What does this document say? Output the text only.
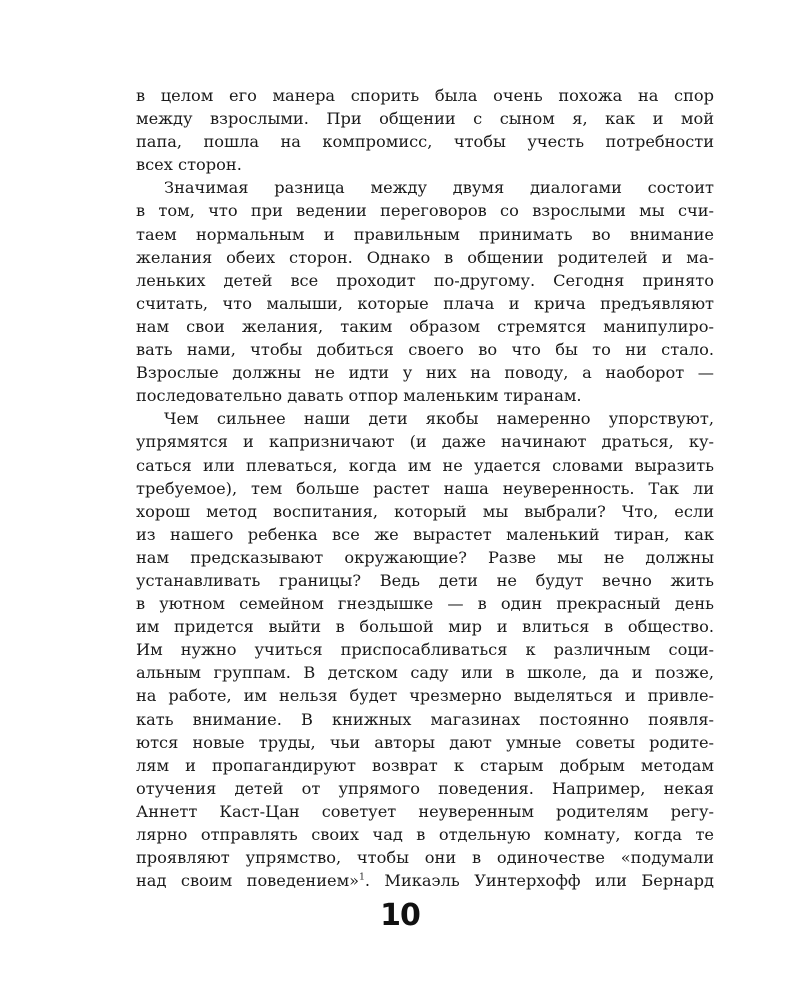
в целом его манера спорить была очень похожа на спор
между взрослыми. При общении с сыном я, как и мой
папа, пошла на компромисс, чтобы учесть потребности
всех сторон.
Значимая разница между двумя диалогами состоит
в том, что при ведении переговоров со взрослыми мы счи-
таем нормальным и правильным принимать во внимание
желания обеих сторон. Однако в общении родителей и ма-
леньких детей все проходит по-другому. Сегодня принято
считать, что малыши, которые плача и крича предъявляют
нам свои желания, таким образом стремятся манипулиро-
вать нами, чтобы добиться своего во что бы то ни стало.
Взрослые должны не идти у них на поводу, а наоборот —
последовательно давать отпор маленьким тиранам.
Чем сильнее наши дети якобы намеренно упорствуют,
упрямятся и капризничают (и даже начинают драться, ку-
саться или плеваться, когда им не удается словами выразить
требуемое), тем больше растет наша неуверенность. Так ли
хорош метод воспитания, который мы выбрали? Что, если
из нашего ребенка все же вырастет маленький тиран, как
нам предсказывают окружающие? Разве мы не должны
устанавливать границы? Ведь дети не будут вечно жить
в уютном семейном гнездышке — в один прекрасный день
им придется выйти в большой мир и влиться в общество.
Им нужно учиться приспосабливаться к различным соци-
альным группам. В детском саду или в школе, да и позже,
на работе, им нельзя будет чрезмерно выделяться и привле-
кать внимание. В книжных магазинах постоянно появля-
ются новые труды, чьи авторы дают умные советы родите-
лям и пропагандируют возврат к старым добрым методам
отучения детей от упрямого поведения. Например, некая
Аннетт Каст-Цан советует неуверенным родителям регу-
лярно отправлять своих чад в отдельную комнату, когда те
проявляют упрямство, чтобы они в одиночестве «подумали
над своим поведением»$^1$. Микаэль Уинтерхофф или Бернард
10
